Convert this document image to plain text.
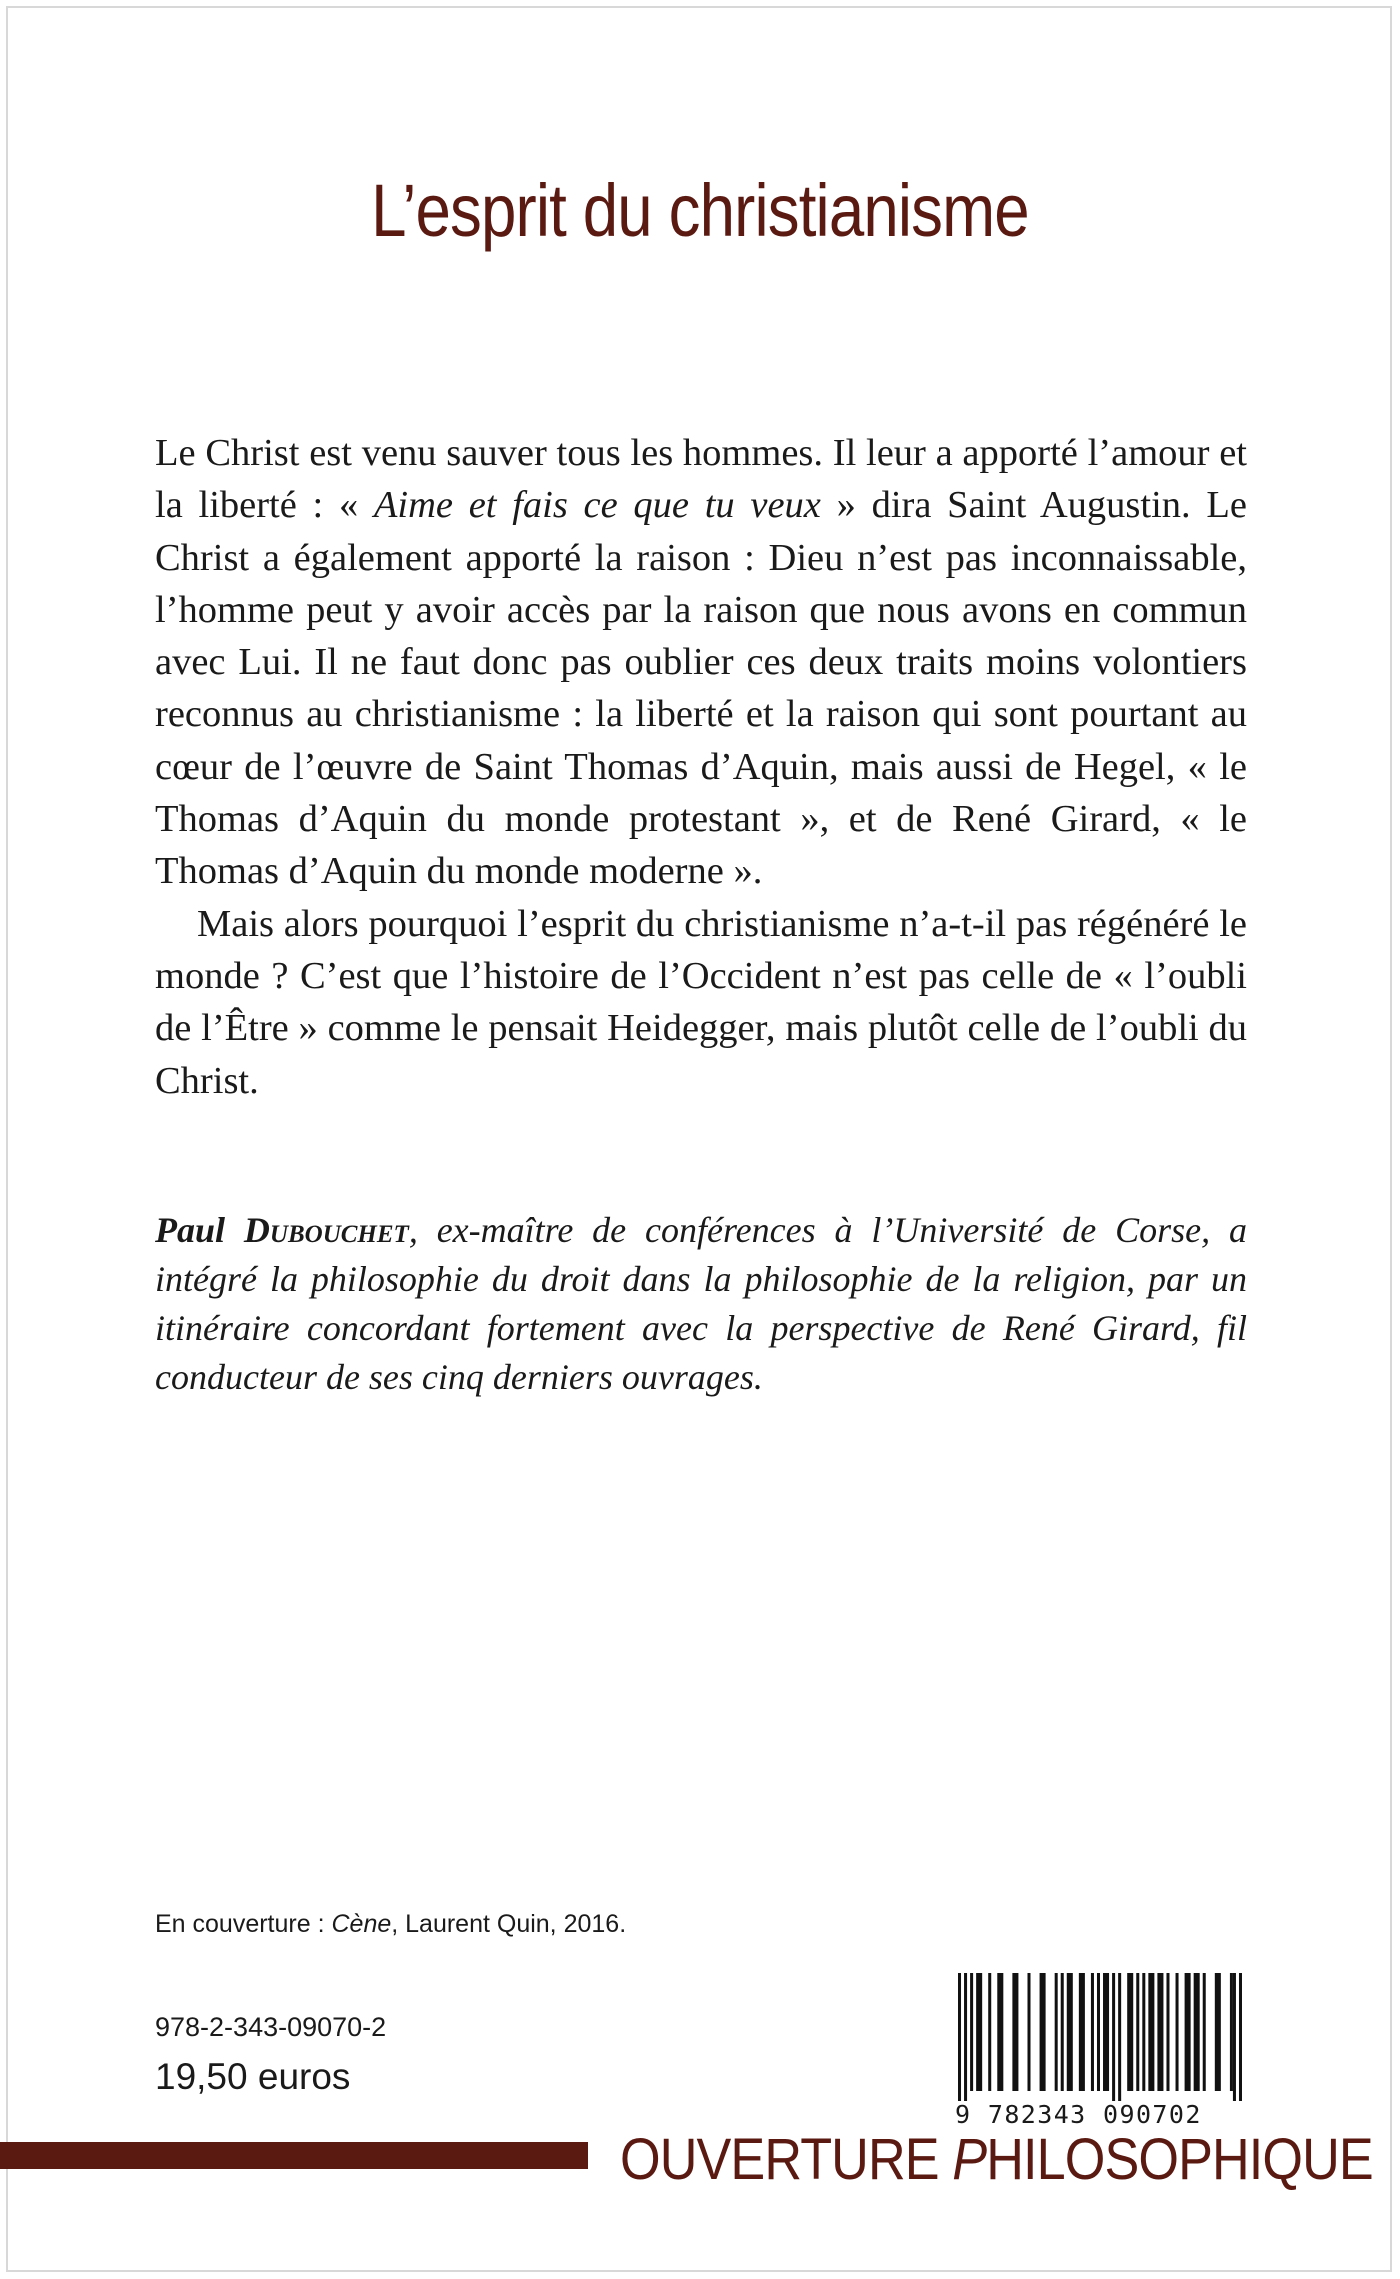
L’esprit du christianisme

Le Christ est venu sauver tous les hommes. Il leur a apporté l’amour et la liberté : « Aime et fais ce que tu veux » dira Saint Augustin. Le Christ a également apporté la raison : Dieu n’est pas inconnaissable, l’homme peut y avoir accès par la raison que nous avons en commun avec Lui. Il ne faut donc pas oublier ces deux traits moins volontiers reconnus au christianisme : la liberté et la raison qui sont pourtant au cœur de l’œuvre de Saint Thomas d’Aquin, mais aussi de Hegel, « le Thomas d’Aquin du monde protestant », et de René Girard, « le Thomas d’Aquin du monde moderne ».

Mais alors pourquoi l’esprit du christianisme n’a-t-il pas régénéré le monde ? C’est que l’histoire de l’Occident n’est pas celle de « l’oubli de l’Être » comme le pensait Heidegger, mais plutôt celle de l’oubli du Christ.

Paul Dubouchet, ex-maître de conférences à l’Université de Corse, a intégré la philosophie du droit dans la philosophie de la religion, par un itinéraire concordant fortement avec la perspective de René Girard, fil conducteur de ses cinq derniers ouvrages.
En couverture : Cène, Laurent Quin, 2016.
978-2-343-09070-2
19,50 euros
9 782343 090702
OUVERTURE PHILOSOPHIQUE
